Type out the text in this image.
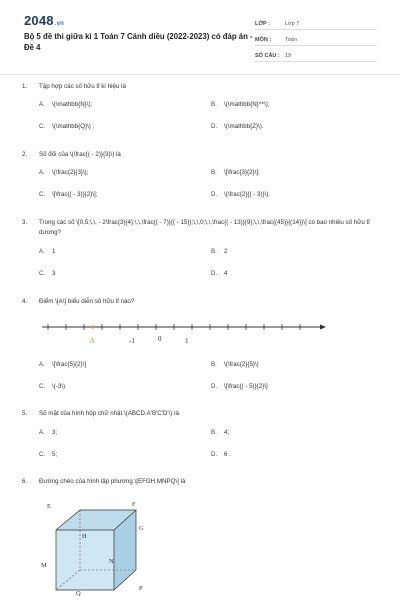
2048.vn
Bộ 5 đề thi giữa kì 1 Toán 7 Cánh diều (2022-2023) có đáp án - Đề 4
LỚP :	Lớp 7
MÔN :	Toán
SỐ CÂU : 19
1.	Tập hợp các số hữu tỉ kí hiệu là
A. \(\mathbb{N}\);	B. \(\mathbb{N}^*\);
C. \(\mathbb{Q}\) ;	D. \(\mathbb{Z}\).
2.	Số đối của \(\frac{( - 2)}{3}\) là
A. \(\frac{2}{3}\);	B. \[\frac{3}{2}\];
C. \[\frac{( - 3)}{2}\];	D. \(\frac{2}{( - 3)}\).
3.	Trong các số \[0,5;\,\, - 2\frac{3}{4};\,\,\frac{( - 7)}{( - 15)};\,\,0;\,\,\frac{( - 13)}{9};\,\,\frac{(45)}{(14)}\] có bao nhiêu số hữu tỉ dương?
A. 1	B. 2
C. 3	D. 4
4.	Điểm \[A\] biểu diễn số hữu tỉ nào?
A	-1	0	1
A. \[\frac{5}{2}\]	B. \(\frac{2}{5}\)
C. \(-3\)	D. \[\frac{( - 5)}{2}\]
5.	Số mặt của hình hộp chữ nhật \(ABCD.A'B'C'D'\) là
A. 3;	B. 4;
C. 5;	D. 6 .
6.	Đường chéo của hình lập phương \[EFGH.MNPQ\] là
E	F
G
H
N
M
P
Q
